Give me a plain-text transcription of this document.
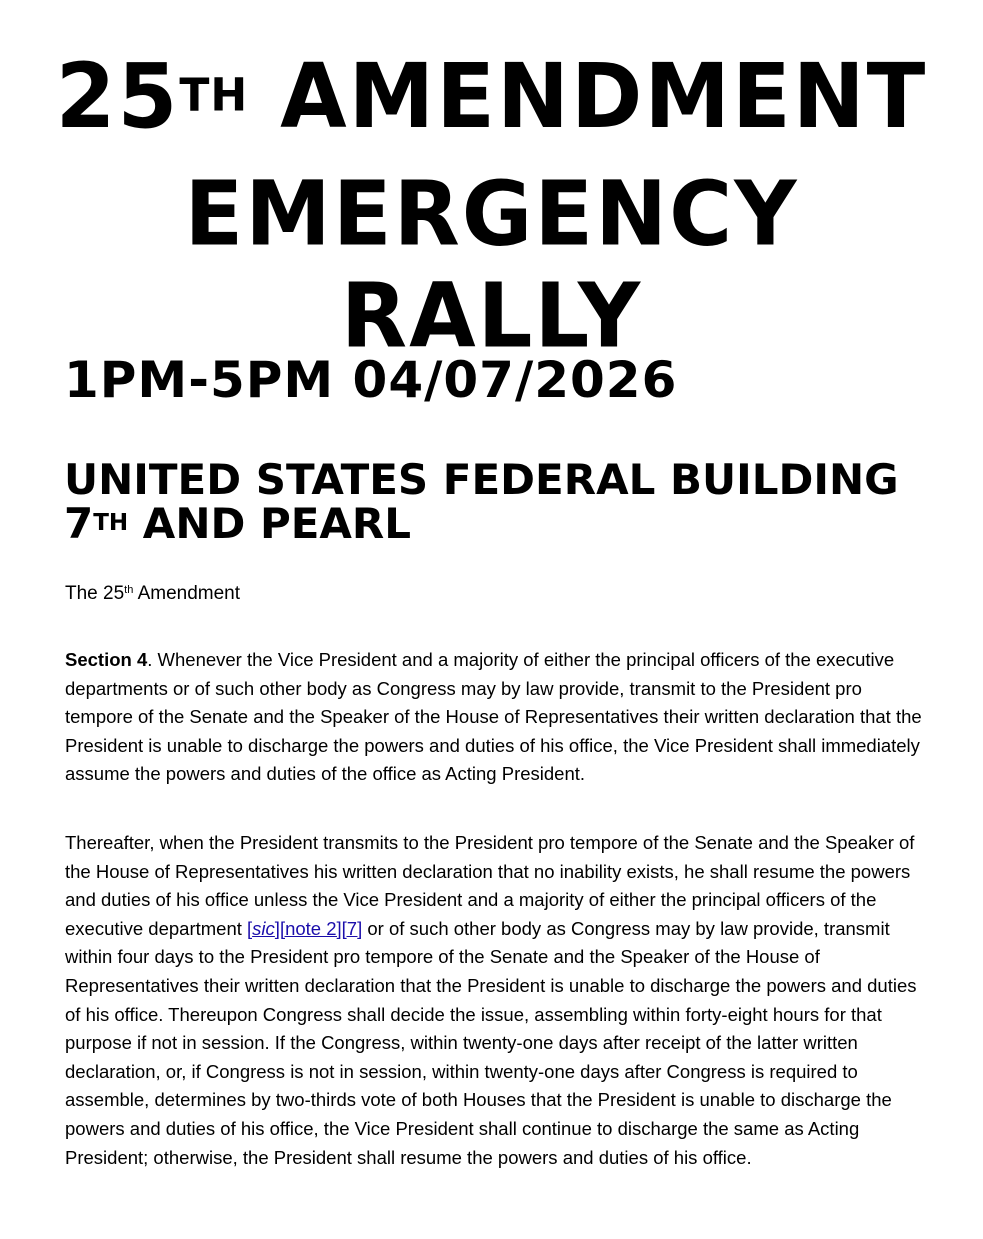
25TH AMENDMENT
EMERGENCY
RALLY
1PM-5PM 04/07/2026
UNITED STATES FEDERAL BUILDING
7TH AND PEARL
The 25th Amendment

Section 4. Whenever the Vice President and a majority of either the principal officers of the executive departments or of such other body as Congress may by law provide, transmit to the President pro tempore of the Senate and the Speaker of the House of Representatives their written declaration that the President is unable to discharge the powers and duties of his office, the Vice President shall immediately assume the powers and duties of the office as Acting President.

Thereafter, when the President transmits to the President pro tempore of the Senate and the Speaker of the House of Representatives his written declaration that no inability exists, he shall resume the powers and duties of his office unless the Vice President and a majority of either the principal officers of the executive department [sic][note 2][7] or of such other body as Congress may by law provide, transmit within four days to the President pro tempore of the Senate and the Speaker of the House of Representatives their written declaration that the President is unable to discharge the powers and duties of his office. Thereupon Congress shall decide the issue, assembling within forty-eight hours for that purpose if not in session. If the Congress, within twenty-one days after receipt of the latter written declaration, or, if Congress is not in session, within twenty-one days after Congress is required to assemble, determines by two-thirds vote of both Houses that the President is unable to discharge the powers and duties of his office, the Vice President shall continue to discharge the same as Acting President; otherwise, the President shall resume the powers and duties of his office.
